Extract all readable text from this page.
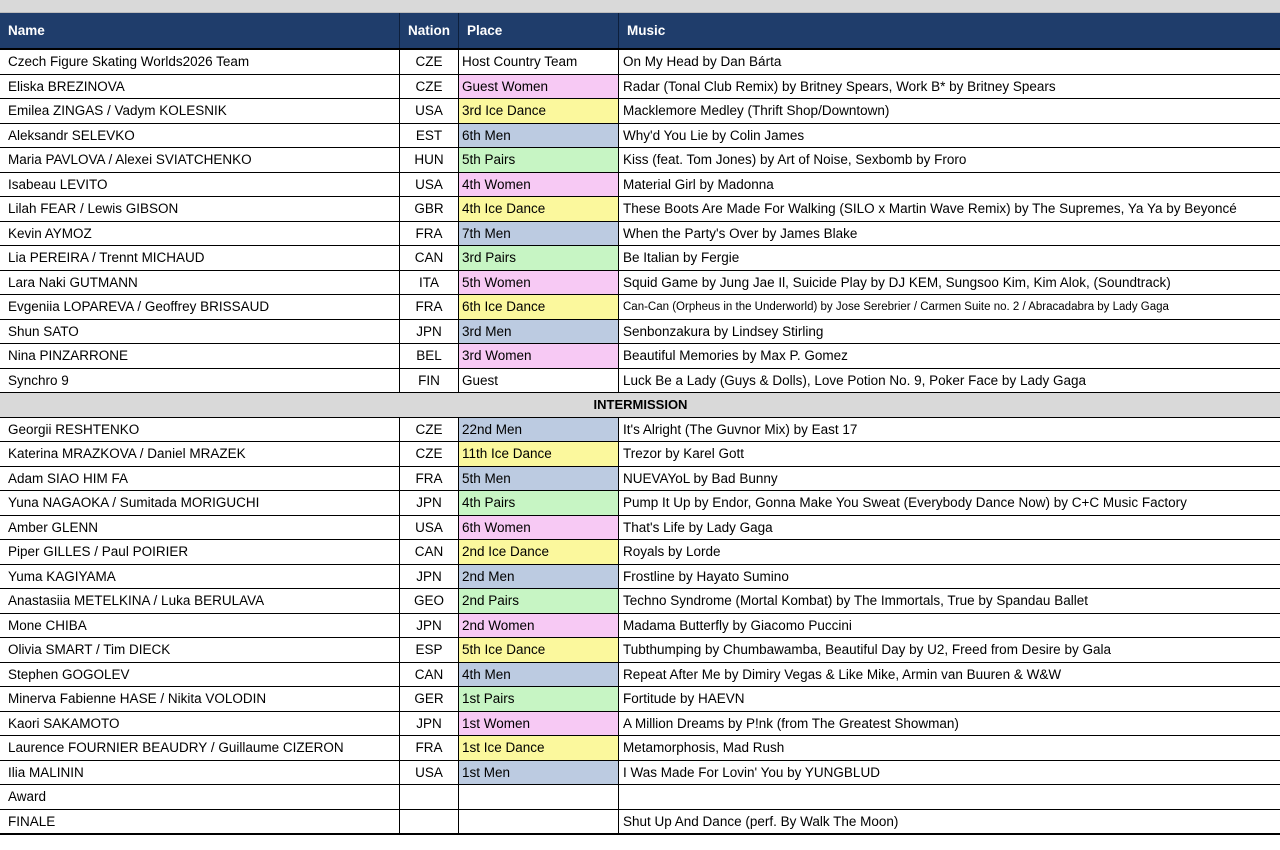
Name	Nation	Place	Music
Czech Figure Skating Worlds2026 Team	CZE	Host Country Team	On My Head by Dan Bárta
Eliska BREZINOVA	CZE	Guest Women	Radar (Tonal Club Remix) by Britney Spears, Work B* by Britney Spears
Emilea ZINGAS / Vadym KOLESNIK	USA	3rd Ice Dance	Macklemore Medley (Thrift Shop/Downtown)
Aleksandr SELEVKO	EST	6th Men	Why'd You Lie by Colin James
Maria PAVLOVA / Alexei SVIATCHENKO	HUN	5th Pairs	Kiss (feat. Tom Jones) by Art of Noise, Sexbomb by Froro
Isabeau LEVITO	USA	4th Women	Material Girl by Madonna
Lilah FEAR / Lewis GIBSON	GBR	4th Ice Dance	These Boots Are Made For Walking (SILO x Martin Wave Remix) by The Supremes, Ya Ya by Beyoncé
Kevin AYMOZ	FRA	7th Men	When the Party's Over by James Blake
Lia PEREIRA / Trennt MICHAUD	CAN	3rd Pairs	Be Italian by Fergie
Lara Naki GUTMANN	ITA	5th Women	Squid Game by Jung Jae Il, Suicide Play by DJ KEM, Sungsoo Kim, Kim Alok, (Soundtrack)
Evgeniia LOPAREVA / Geoffrey BRISSAUD	FRA	6th Ice Dance	Can-Can (Orpheus in the Underworld) by Jose Serebrier / Carmen Suite no. 2 / Abracadabra by Lady Gaga
Shun SATO	JPN	3rd Men	Senbonzakura by Lindsey Stirling
Nina PINZARRONE	BEL	3rd Women	Beautiful Memories by Max P. Gomez
Synchro 9	FIN	Guest	Luck Be a Lady (Guys & Dolls), Love Potion No. 9, Poker Face by Lady Gaga
INTERMISSION			
Georgii RESHTENKO	CZE	22nd Men	It's Alright (The Guvnor Mix) by East 17
Katerina MRAZKOVA / Daniel MRAZEK	CZE	11th Ice Dance	Trezor by Karel Gott
Adam SIAO HIM FA	FRA	5th Men	NUEVAYoL by Bad Bunny
Yuna NAGAOKA / Sumitada MORIGUCHI	JPN	4th Pairs	Pump It Up by Endor, Gonna Make You Sweat (Everybody Dance Now) by C+C Music Factory
Amber GLENN	USA	6th Women	That's Life by Lady Gaga
Piper GILLES / Paul POIRIER	CAN	2nd Ice Dance	Royals by Lorde
Yuma KAGIYAMA	JPN	2nd Men	Frostline by Hayato Sumino
Anastasiia METELKINA / Luka BERULAVA	GEO	2nd Pairs	Techno Syndrome (Mortal Kombat) by The Immortals, True by Spandau Ballet
Mone CHIBA	JPN	2nd Women	Madama Butterfly by Giacomo Puccini
Olivia SMART / Tim DIECK	ESP	5th Ice Dance	Tubthumping by Chumbawamba, Beautiful Day by U2, Freed from Desire by Gala
Stephen GOGOLEV	CAN	4th Men	Repeat After Me by Dimiry Vegas & Like Mike, Armin van Buuren & W&W
Minerva Fabienne HASE / Nikita VOLODIN	GER	1st Pairs	Fortitude by HAEVN
Kaori SAKAMOTO	JPN	1st Women	A Million Dreams by P!nk (from The Greatest Showman)
Laurence FOURNIER BEAUDRY / Guillaume CIZERON	FRA	1st Ice Dance	Metamorphosis, Mad Rush
Ilia MALININ	USA	1st Men	I Was Made For Lovin' You by YUNGBLUD
Award			
FINALE			Shut Up And Dance (perf. By Walk The Moon)
